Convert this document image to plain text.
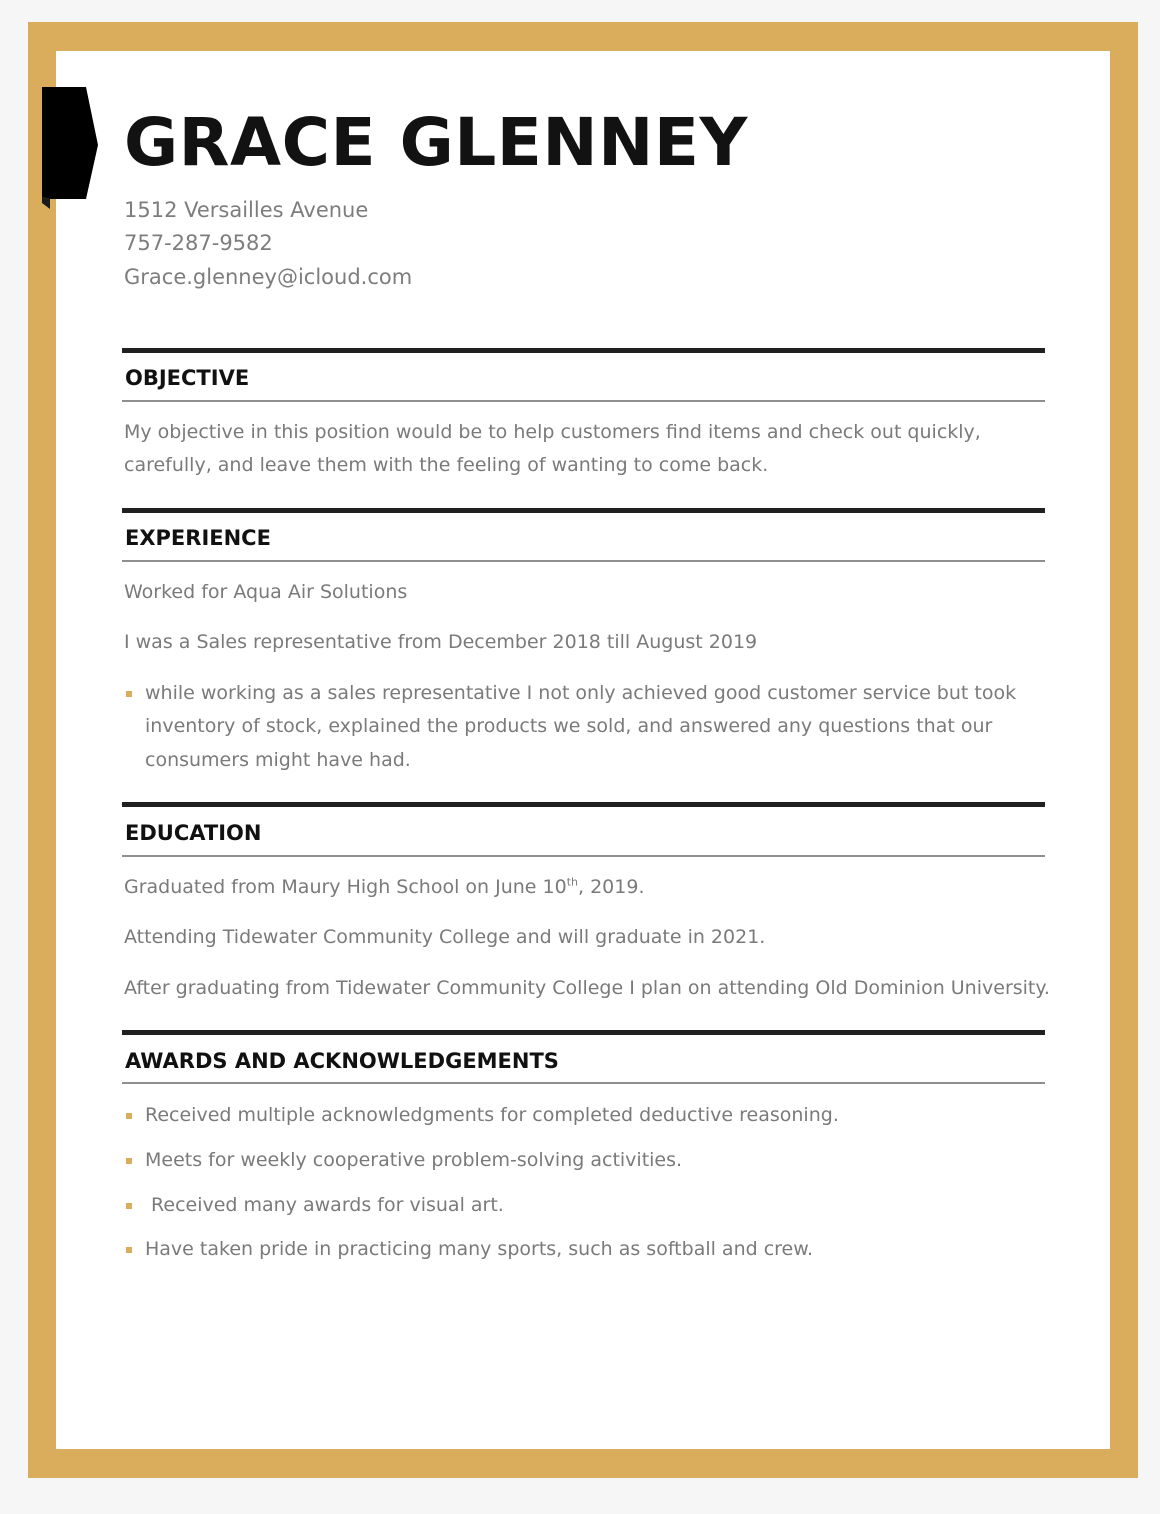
GRACE GLENNEY
1512 Versailles Avenue
757-287-9582
Grace.glenney@icloud.com
OBJECTIVE
My objective in this position would be to help customers find items and check out quickly,
carefully, and leave them with the feeling of wanting to come back.
EXPERIENCE
Worked for Aqua Air Solutions
I was a Sales representative from December 2018 till August 2019
while working as a sales representative I not only achieved good customer service but took
inventory of stock, explained the products we sold, and answered any questions that our
consumers might have had.
EDUCATION
Graduated from Maury High School on June 10th, 2019.
Attending Tidewater Community College and will graduate in 2021.
After graduating from Tidewater Community College I plan on attending Old Dominion University.
AWARDS AND ACKNOWLEDGEMENTS
Received multiple acknowledgments for completed deductive reasoning.
Meets for weekly cooperative problem-solving activities.
Received many awards for visual art.
Have taken pride in practicing many sports, such as softball and crew.
